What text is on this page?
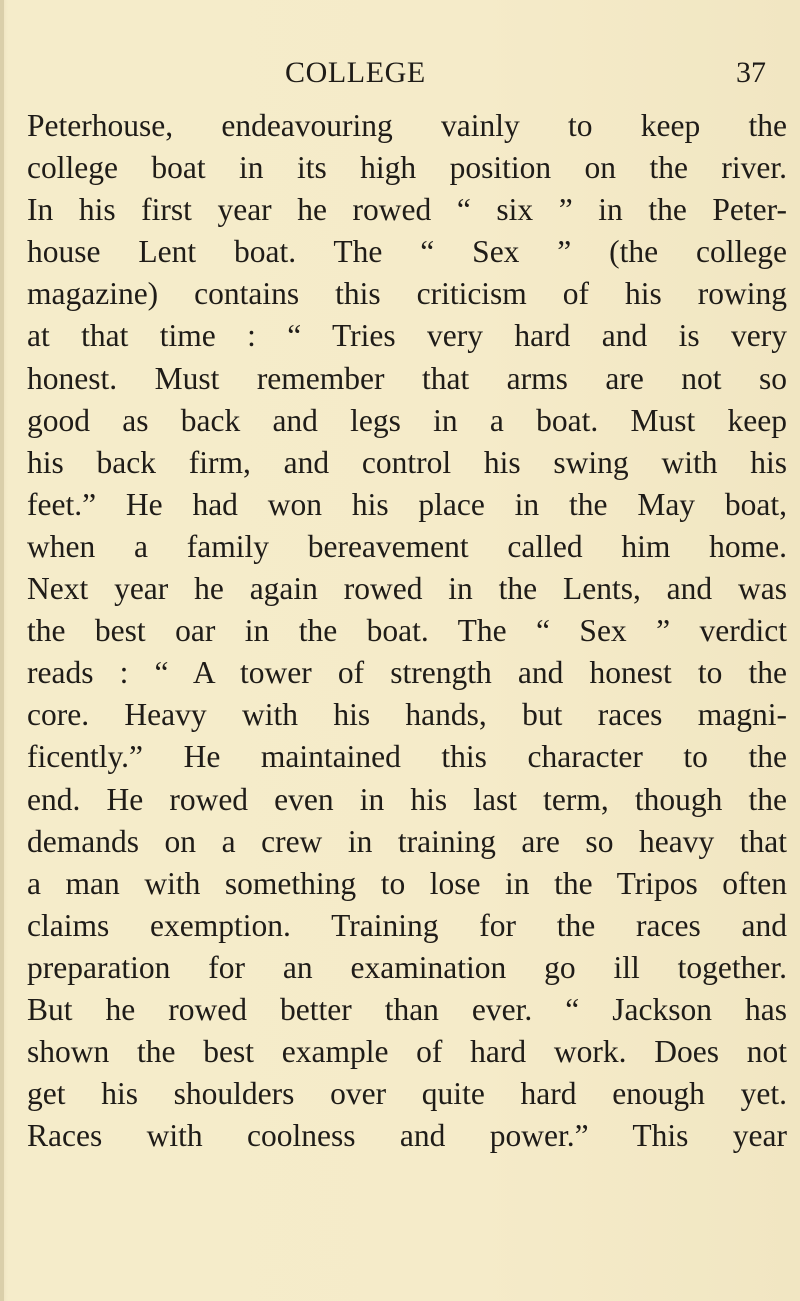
COLLEGE	37
Peterhouse, endeavouring vainly to keep the
college boat in its high position on the river.
In his first year he rowed “ six ” in the Peter-
house Lent boat. The “ Sex ” (the college
magazine) contains this criticism of his rowing
at that time : “ Tries very hard and is very
honest. Must remember that arms are not so
good as back and legs in a boat. Must keep
his back firm, and control his swing with his
feet.” He had won his place in the May boat,
when a family bereavement called him home.
Next year he again rowed in the Lents, and was
the best oar in the boat. The “ Sex ” verdict
reads : “ A tower of strength and honest to the
core. Heavy with his hands, but races magni-
ficently.” He maintained this character to the
end. He rowed even in his last term, though the
demands on a crew in training are so heavy that
a man with something to lose in the Tripos often
claims exemption. Training for the races and
preparation for an examination go ill together.
But he rowed better than ever. “ Jackson has
shown the best example of hard work. Does not
get his shoulders over quite hard enough yet.
Races with coolness and power.” This year
